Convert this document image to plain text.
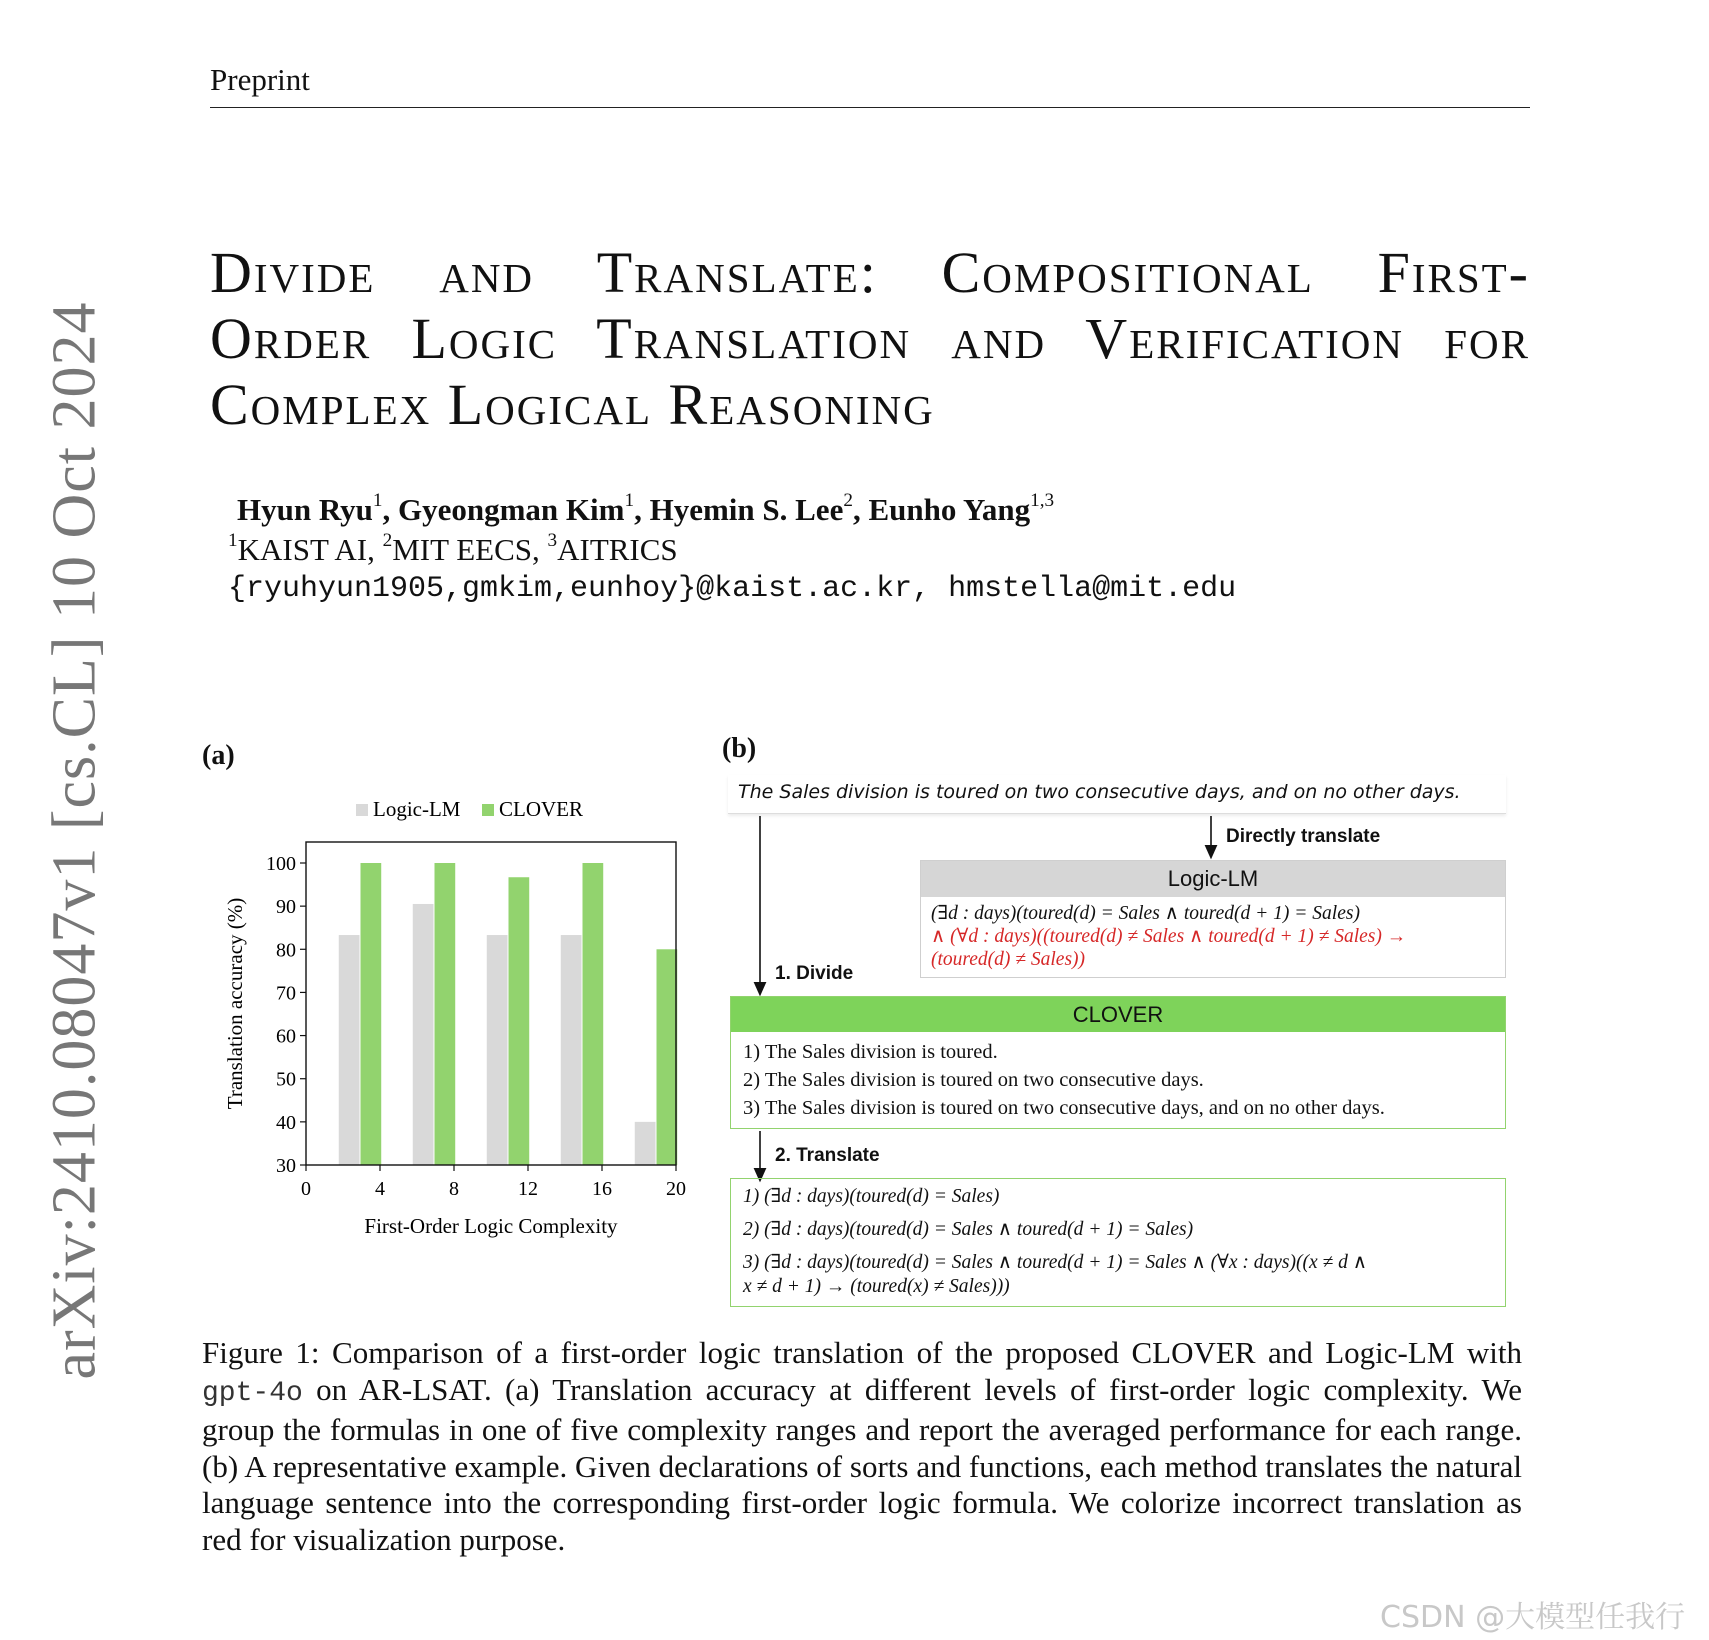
Preprint
arXiv:2410.08047v1 [cs.CL] 10 Oct 2024
Divide and Translate: Compositional First-
Order Logic Translation and Verification for
Complex Logical Reasoning
Hyun Ryu$^1$, Gyeongman Kim$^1$, Hyemin S. Lee$^2$, Eunho Yang$^{1,3}$
$^1$KAIST AI, $^2$MIT EECS, $^3$AITRICS
{ryuhyun1905,gmkim,eunhoy}@kaist.ac.kr, hmstella@mit.edu
(a)	(b)
30
40
50
60
70
80
90
100
0	4	8	12	16	20
First-Order Logic Complexity
Translation accuracy (%)
Logic-LM CLOVER
The Sales division is toured on two consecutive days, and on no other days.
Directly translate
Logic-LM
(∃d : days)(toured(d) = Sales ∧ toured(d + 1) = Sales)
∧ (∀d : days)((toured(d) ≠ Sales ∧ toured(d + 1) ≠ Sales) →
(toured(d) ≠ Sales))
1. Divide
CLOVER
1) The Sales division is toured.
2) The Sales division is toured on two consecutive days.
3) The Sales division is toured on two consecutive days, and on no other days.
2. Translate
1) (∃d : days)(toured(d) = Sales)
2) (∃d : days)(toured(d) = Sales ∧ toured(d + 1) = Sales)
3) (∃d : days)(toured(d) = Sales ∧ toured(d + 1) = Sales ∧ (∀x : days)((x ≠ d ∧
x ≠ d + 1) → (toured(x) ≠ Sales)))
Figure 1: Comparison of a first-order logic translation of the proposed CLOVER and Logic-LM with gpt-4o on AR-LSAT. (a) Translation accuracy at different levels of first-order logic complexity. We group the formulas in one of five complexity ranges and report the averaged performance for each range. (b) A representative example. Given declarations of sorts and functions, each method translates the natural language sentence into the corresponding first-order logic formula. We colorize incorrect translation as red for visualization purpose.
CSDN @大模型任我行
